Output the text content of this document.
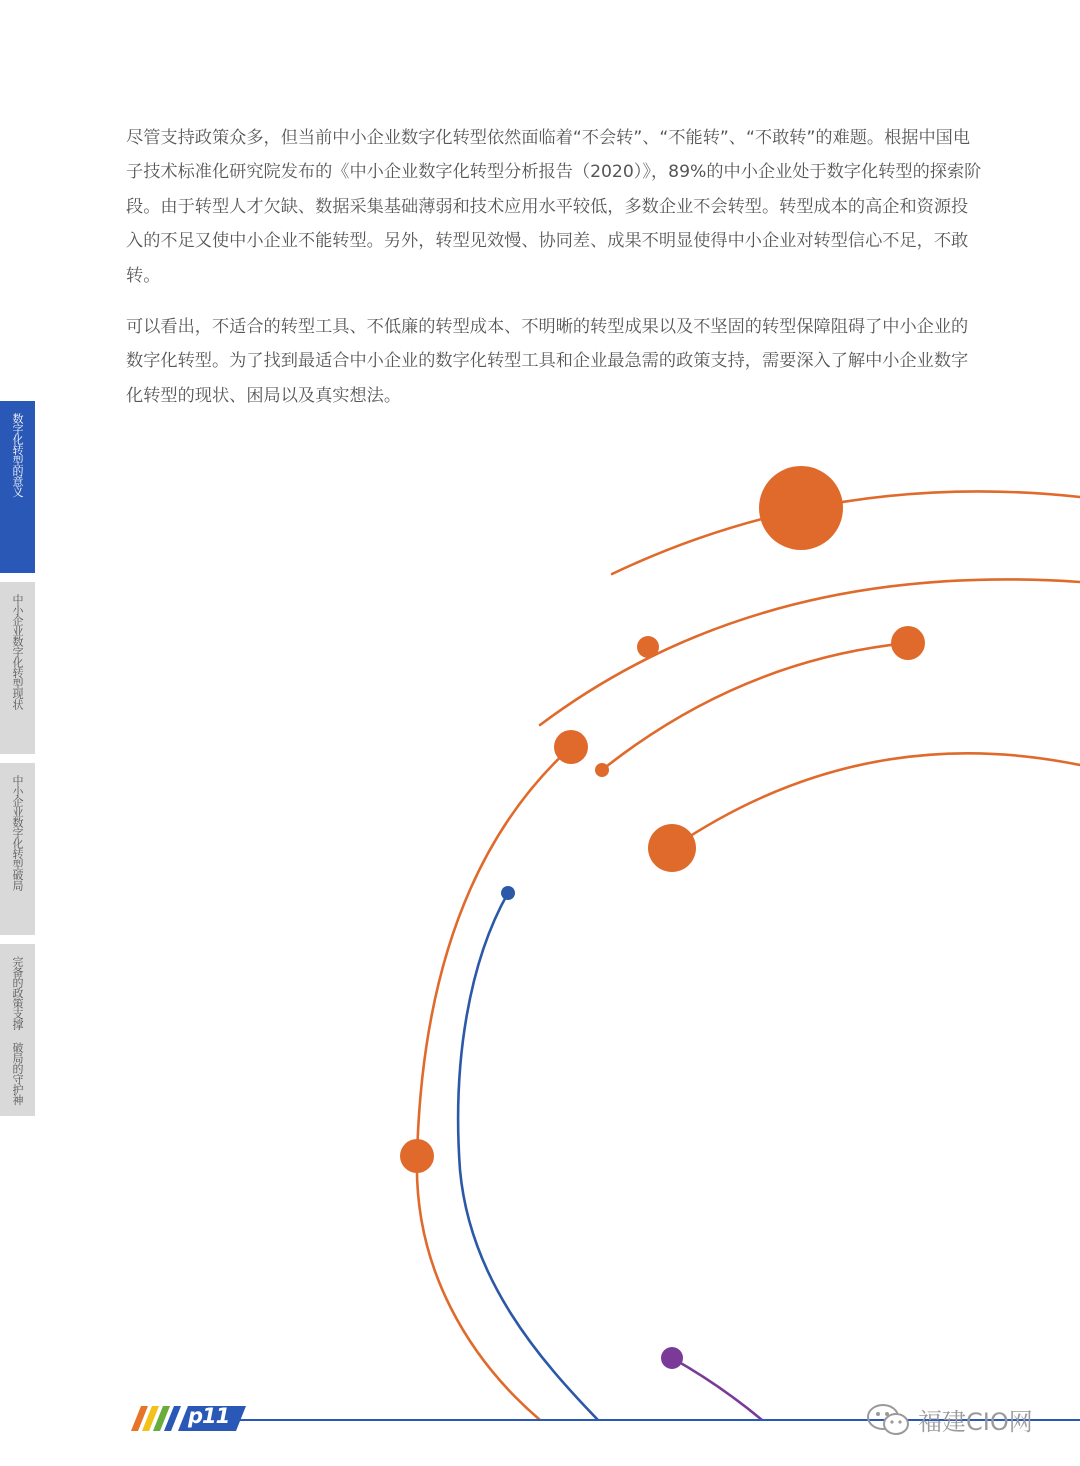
尽管支持政策众多，但当前中小企业数字化转型依然面临着“不会转”、“不能转”、“不敢转”的难题。根据中国电子技术标准化研究院发布的《中小企业数字化转型分析报告（2020）》，89%的中小企业处于数字化转型的探索阶段。由于转型人才欠缺、数据采集基础薄弱和技术应用水平较低，多数企业不会转型。转型成本的高企和资源投入的不足又使中小企业不能转型。另外，转型见效慢、协同差、成果不明显使得中小企业对转型信心不足，不敢转。

可以看出，不适合的转型工具、不低廉的转型成本、不明晰的转型成果以及不坚固的转型保障阻碍了中小企业的数字化转型。为了找到最适合中小企业的数字化转型工具和企业最急需的政策支持，需要深入了解中小企业数字化转型的现状、困局以及真实想法。

数字化转型的意义
中小企业数字化转型现状
中小企业数字化转型破局
完备的政策支撑 破局的守护神
p11	福建CIO网
